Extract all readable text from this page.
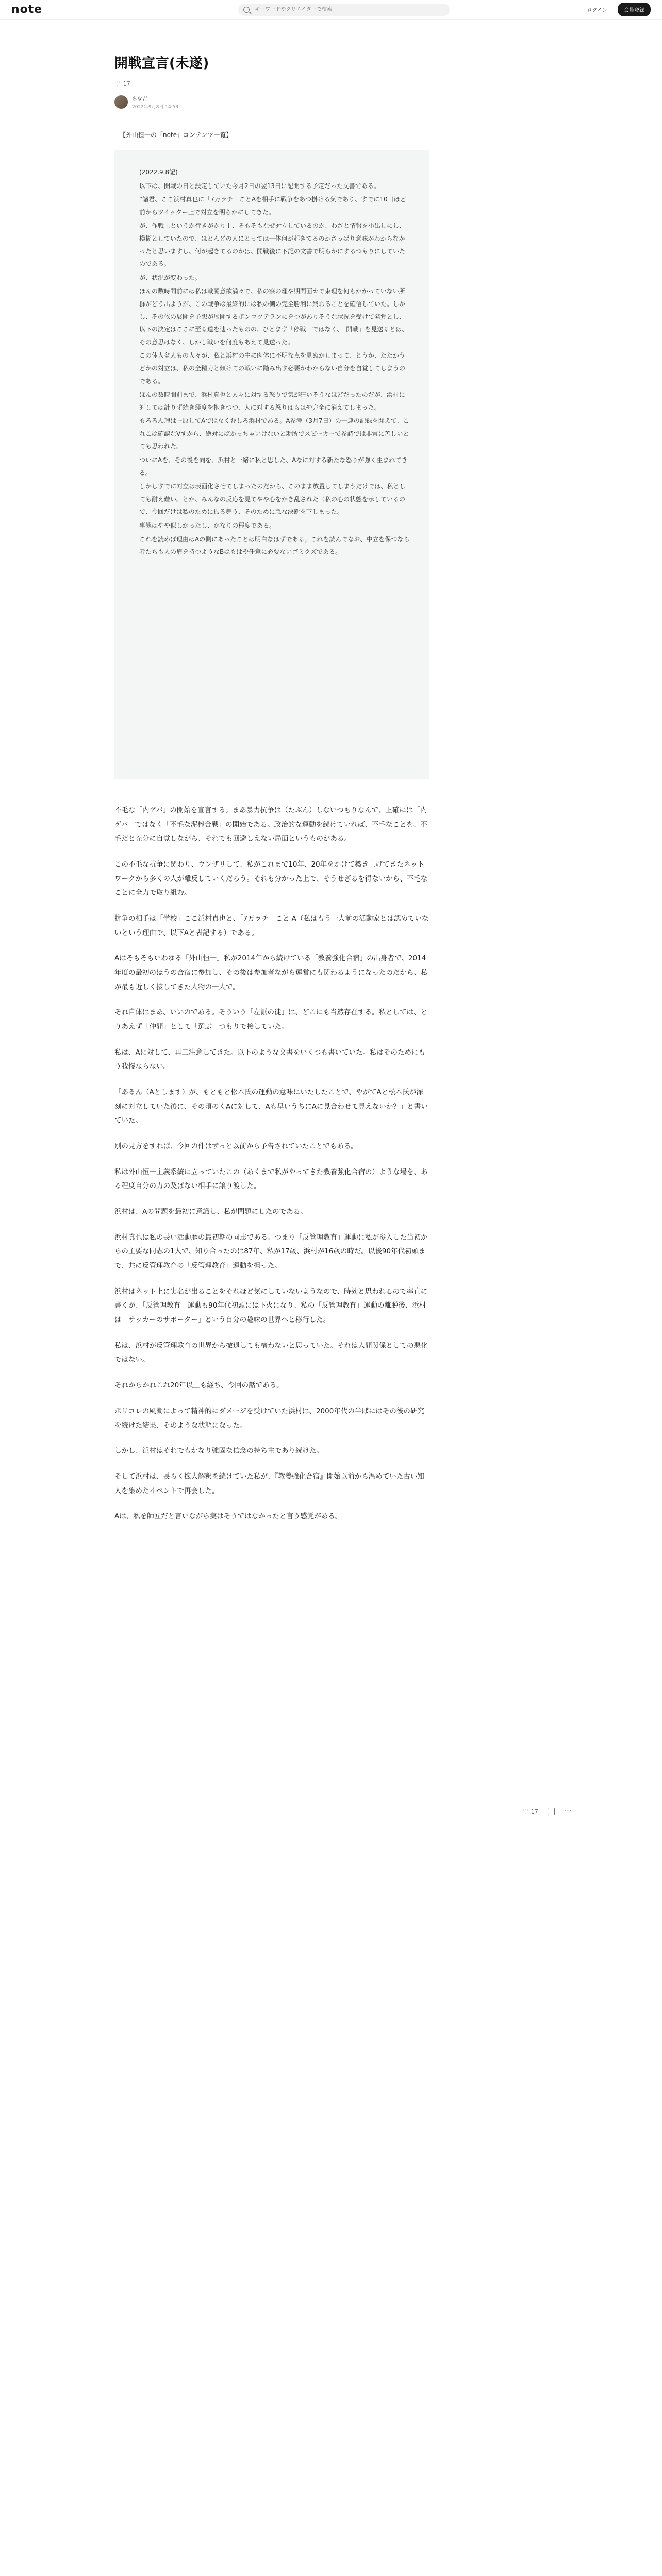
note
キーワードやクリエイターで検索	ログイン	会員登録
開戦宣言(未遂)
♡ 17
ちな吉一
2022年9月8日 14:53
【外山恒一の「note」コンテンツ一覧】

(2022.9.8記)

以下は、開戦の日と設定していた今月2日の翌13日に記開する予定だった文書である。

“諸君、ここ浜村真也に「7万ラチ」ことAを相手に戦争をあつ掛ける気であり、すでに10日ほど前からツイッター上で対立を明らかにしてきた。

が、作戦上というか行きがかり上、そもそもなぜ対立しているのか、わざと情報を小出しにし、模糊としていたので、ほとんどの人にとっては一体何が起きてるのかさっぱり意味がわからなかったと思いますし、何が起きてるのかは、開戦後に下記の文書で明らかにするつもりにしていたのである。

が、状況が変わった。

ほんの数時間前には私は戦闘意欲満々で、私の寮の理や期間面カで束理を何もかかっていない所群がどう出ようが、この戦争は最終的には私の側の完全勝利に終わることを確信していた。しかし、その依の展開を予想が展開するポンコツテランにをつがありそうな状況を受けて発覚とし、以下の決定はここに至る道を辿ったものの、ひとまず「停戦」ではなく、「開戦」を見送るとは、その意思はなく、しかし戦いを何度もあえて見送った。

この休人盆人もの人々が、私と浜村の生に肉体に不明な点を見ぬかしまって、とうか、たたかうどかの対立は、私の全精力と傾けての戦いに踏み出す必要かわからない自分を自覚してしまうのである。

ほんの数時間前まで、浜村真也と人々に対する怒りで気が狂いそうなほどだったのだが、浜村に対しては計りず続き経度を抱きつつ、人に対する怒りはもはや完全に消えてしまった。

もろろん理はー原してAではなくむしろ浜村である。A参考（3月7日）の一連の記録を聞えて、これこは確認なVすから、絶対にばかっちゃいけないと勘所でスピーカーで参詩では非常に苦しいとても思われた。

ついにAを、その後を向を、浜村と一緒に私と思した、Aなに対する新たな怒りが強く生まれてきる。

しかしすでに対立は表面化させてしまったのだから、このまま放置してしまうだけでは、私としても耐え難い。とか、みんなの反応を見てやや心をかき乱された（私の心の状態を示しているので、今回だけは私のために振る舞う、そのために急な決断を下しまった。

事態はやや似しかったし、かなりの程度である。

これを読めば理由はAの側にあったことは明白なはずである。これを読んでなお、中立を保つなら者たちも人の肩を持つようなBはもはや任意に必要ないゴミクズである。

不毛な「内ゲバ」の開始を宣言する。まあ暴力抗争は（たぶん）しないつもりなんで、正確には「内ゲバ」ではなく「不毛な泥棒合戦」の開始である。政治的な運動を続けていれば、不毛なことを、不毛だと充分に自覚しながら、それでも回避しえない局面というものがある。

この不毛な抗争に関わり、ウンザリして、私がこれまで10年、20年をかけて築き上げてきたネットワークから多くの人が離反していくだろう。それも分かった上で、そうせざるを得ないから、不毛なことに全力で取り組む。

抗争の相手は「学校」ここ浜村真也と、「7万ラチ」こと A（私はもう一人前の活動家とは認めていないという理由で、以下Aと表記する）である。

Aはそもそもいわゆる「外山恒一」私が2014年から続けている「教養強化合宿」の出身者で、2014年度の最初のほうの合宿に参加し、その後は参加者ながら運営にも関わるようになったのだから、私が最も近しく接してきた人物の一人で。

それ自体はまあ、いいのである。そういう「左派の徒」は、どこにも当然存在する。私としては、とりあえず「仲間」として「選ぶ」つもりで接していた。

私は、Aに対して、再三注意してきた。以下のような文書をいくつも書いていた。私はそのためにもう我慢ならない。

「あるん（Aとします）が、もともと松本氏の運動の意味にいたしたことで、やがてAと松本氏が深刻に対立していた後に、その頃のくAに対して、Aも早いうちにAに見合わせて見えないか？」と書いていた。

別の見方をすれば、今回の件はずっと以前から予告されていたことでもある。

私は外山恒一主義系統に立っていたこの（あくまで私がやってきた教養強化合宿の）ような場を、ある程度自分の力の及ばない相手に譲り渡した。

浜村は、Aの問題を最初に意識し、私が問題にしたのである。

浜村真也は私の長い活動歴の最初期の同志である。つまり「反管理教育」運動に私が参入した当初からの主要な同志の1人で、知り合ったのは87年、私が17歳、浜村が16歳の時だ。以後90年代初頭まで、共に反管理教育の「反管理教育」運動を担った。

浜村はネット上に実名が出ることをそれほど気にしていないようなので、時効と思われるので率直に書くが、「反管理教育」運動も90年代初頭には下火になり、私の「反管理教育」運動の離脱後、浜村は「サッカーのサポーター」という自分の趣味の世界へと移行した。

私は、浜村が反管理教育の世界から撤退しても構わないと思っていた。それは人間関係としての悪化ではない。

それからかれこれ20年以上も経ち、今回の話である。

ボリコレの風潮によって精神的にダメージを受けていた浜村は、2000年代の半ばにはその後の研究を続けた結果、そのような状態になった。

しかし、浜村はそれでもかなり強固な信念の持ち主であり続けた。

そして浜村は、長らく拡大解釈を続けていた私が、『教養強化合宿』開始以前から温めていた古い知人を集めたイベントで再会した。

Aは、私を師匠だと言いながら実はそうではなかったと言う感覚がある。

♡ 17	···
